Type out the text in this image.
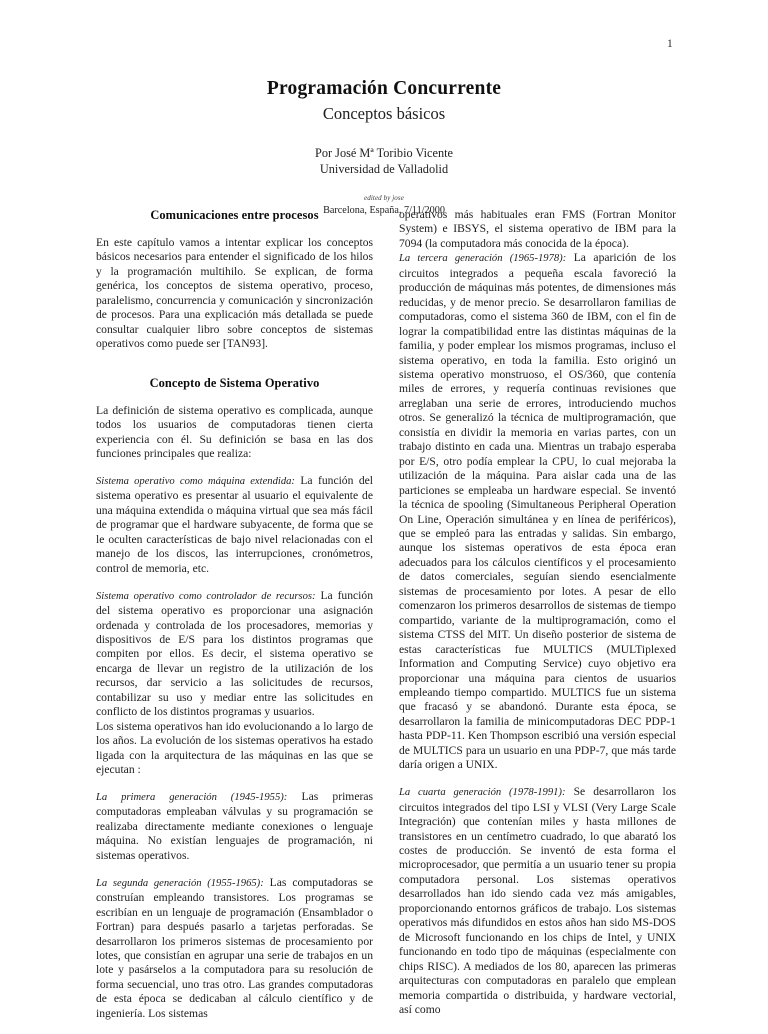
1
Programación Concurrente
Conceptos básicos
Por José Mª Toribio Vicente
Universidad de Valladolid
edited by jose
Barcelona, España. 7/11/2000
Comunicaciones entre procesos

En este capítulo vamos a intentar explicar los conceptos básicos necesarios para entender el significado de los hilos y la programación multihilo. Se explican, de forma genérica, los conceptos de sistema operativo, proceso, paralelismo, concurrencia y comunicación y sincronización de procesos. Para una explicación más detallada se puede consultar cualquier libro sobre conceptos de sistemas operativos como puede ser [TAN93].

Concepto de Sistema Operativo

La definición de sistema operativo es complicada, aunque todos los usuarios de computadoras tienen cierta experiencia con él. Su definición se basa en las dos funciones principales que realiza:

Sistema operativo como máquina extendida: La función del sistema operativo es presentar al usuario el equivalente de una máquina extendida o máquina virtual que sea más fácil de programar que el hardware subyacente, de forma que se le oculten características de bajo nivel relacionadas con el manejo de los discos, las interrupciones, cronómetros, control de memoria, etc.

Sistema operativo como controlador de recursos: La función del sistema operativo es proporcionar una asignación ordenada y controlada de los procesadores, memorias y dispositivos de E/S para los distintos programas que compiten por ellos. Es decir, el sistema operativo se encarga de llevar un registro de la utilización de los recursos, dar servicio a las solicitudes de recursos, contabilizar su uso y mediar entre las solicitudes en conflicto de los distintos programas y usuarios.

Los sistema operativos han ido evolucionando a lo largo de los años. La evolución de los sistemas operativos ha estado ligada con la arquitectura de las máquinas en las que se ejecutan :

La primera generación (1945-1955): Las primeras computadoras empleaban válvulas y su programación se realizaba directamente mediante conexiones o lenguaje máquina. No existían lenguajes de programación, ni sistemas operativos.

La segunda generación (1955-1965): Las computadoras se construían empleando transistores. Los programas se escribían en un lenguaje de programación (Ensamblador o Fortran) para después pasarlo a tarjetas perforadas. Se desarrollaron los primeros sistemas de procesamiento por lotes, que consistían en agrupar una serie de trabajos en un lote y pasárselos a la computadora para su resolución de forma secuencial, uno tras otro. Las grandes computadoras de esta época se dedicaban al cálculo científico y de ingeniería. Los sistemas

operativos más habituales eran FMS (Fortran Monitor System) e IBSYS, el sistema operativo de IBM para la 7094 (la computadora más conocida de la época).

La tercera generación (1965-1978): La aparición de los circuitos integrados a pequeña escala favoreció la producción de máquinas más potentes, de dimensiones más reducidas, y de menor precio. Se desarrollaron familias de computadoras, como el sistema 360 de IBM, con el fin de lograr la compatibilidad entre las distintas máquinas de la familia, y poder emplear los mismos programas, incluso el sistema operativo, en toda la familia. Esto originó un sistema operativo monstruoso, el OS/360, que contenía miles de errores, y requería continuas revisiones que arreglaban una serie de errores, introduciendo muchos otros. Se generalizó la técnica de multiprogramación, que consistía en dividir la memoria en varias partes, con un trabajo distinto en cada una. Mientras un trabajo esperaba por E/S, otro podía emplear la CPU, lo cual mejoraba la utilización de la máquina. Para aislar cada una de las particiones se empleaba un hardware especial. Se inventó la técnica de spooling (Simultaneous Peripheral Operation On Line, Operación simultánea y en línea de periféricos), que se empleó para las entradas y salidas. Sin embargo, aunque los sistemas operativos de esta época eran adecuados para los cálculos científicos y el procesamiento de datos comerciales, seguían siendo esencialmente sistemas de procesamiento por lotes. A pesar de ello comenzaron los primeros desarrollos de sistemas de tiempo compartido, variante de la multiprogramación, como el sistema CTSS del MIT. Un diseño posterior de sistema de estas características fue MULTICS (MULTiplexed Information and Computing Service) cuyo objetivo era proporcionar una máquina para cientos de usuarios empleando tiempo compartido. MULTICS fue un sistema que fracasó y se abandonó. Durante esta época, se desarrollaron la familia de minicomputadoras DEC PDP-1 hasta PDP-11. Ken Thompson escribió una versión especial de MULTICS para un usuario en una PDP-7, que más tarde daría origen a UNIX.

La cuarta generación (1978-1991): Se desarrollaron los circuitos integrados del tipo LSI y VLSI (Very Large Scale Integración) que contenían miles y hasta millones de transistores en un centímetro cuadrado, lo que abarató los costes de producción. Se inventó de esta forma el microprocesador, que permitía a un usuario tener su propia computadora personal. Los sistemas operativos desarrollados han ido siendo cada vez más amigables, proporcionando entornos gráficos de trabajo. Los sistemas operativos más difundidos en estos años han sido MS-DOS de Microsoft funcionando en los chips de Intel, y UNIX funcionando en todo tipo de máquinas (especialmente con chips RISC). A mediados de los 80, aparecen las primeras arquitecturas con computadoras en paralelo que emplean memoria compartida o distribuida, y hardware vectorial, así como
